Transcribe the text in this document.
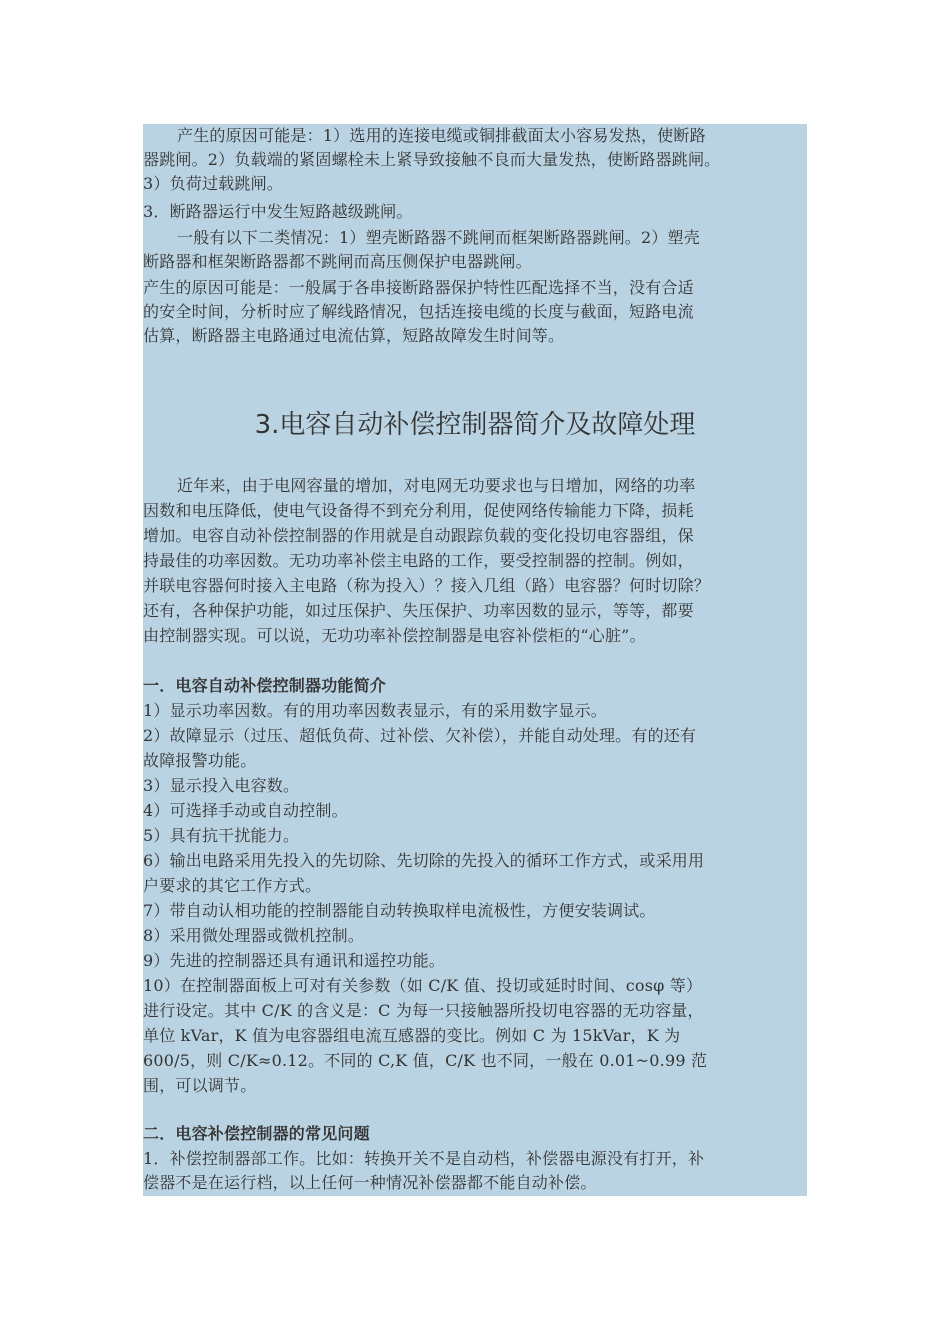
产生的原因可能是：1）选用的连接电缆或铜排截面太小容易发热，使断路
器跳闸。2）负载端的紧固螺栓未上紧导致接触不良而大量发热，使断路器跳闸。
3）负荷过载跳闸。
3．断路器运行中发生短路越级跳闸。
一般有以下二类情况：1）塑壳断路器不跳闸而框架断路器跳闸。2）塑壳
断路器和框架断路器都不跳闸而高压侧保护电器跳闸。
产生的原因可能是：一般属于各串接断路器保护特性匹配选择不当，没有合适
的安全时间，分析时应了解线路情况，包括连接电缆的长度与截面，短路电流
估算，断路器主电路通过电流估算，短路故障发生时间等。
3.电容自动补偿控制器简介及故障处理
近年来，由于电网容量的增加，对电网无功要求也与日增加，网络的功率
因数和电压降低，使电气设备得不到充分利用，促使网络传输能力下降，损耗
增加。电容自动补偿控制器的作用就是自动跟踪负载的变化投切电容器组，保
持最佳的功率因数。无功功率补偿主电路的工作，要受控制器的控制。例如，
并联电容器何时接入主电路（称为投入）？接入几组（路）电容器？何时切除？
还有，各种保护功能，如过压保护、失压保护、功率因数的显示，等等，都要
由控制器实现。可以说，无功功率补偿控制器是电容补偿柜的“心脏”。
一．电容自动补偿控制器功能简介
1）显示功率因数。有的用功率因数表显示，有的采用数字显示。
2）故障显示（过压、超低负荷、过补偿、欠补偿），并能自动处理。有的还有
故障报警功能。
3）显示投入电容数。
4）可选择手动或自动控制。
5）具有抗干扰能力。
6）输出电路采用先投入的先切除、先切除的先投入的循环工作方式，或采用用
户要求的其它工作方式。
7）带自动认相功能的控制器能自动转换取样电流极性，方便安装调试。
8）采用微处理器或微机控制。
9）先进的控制器还具有通讯和遥控功能。
10）在控制器面板上可对有关参数（如 C/K 值、投切或延时时间、cosφ 等）
进行设定。其中 C/K 的含义是：C 为每一只接触器所投切电容器的无功容量，
单位 kVar，K 值为电容器组电流互感器的变比。例如 C 为 15kVar，K 为
600/5，则 C/K≈0.12。不同的 C,K 值，C/K 也不同，一般在 0.01~0.99 范
围，可以调节。
二．电容补偿控制器的常见问题
1．补偿控制器部工作。比如：转换开关不是自动档，补偿器电源没有打开，补
偿器不是在运行档，以上任何一种情况补偿器都不能自动补偿。
